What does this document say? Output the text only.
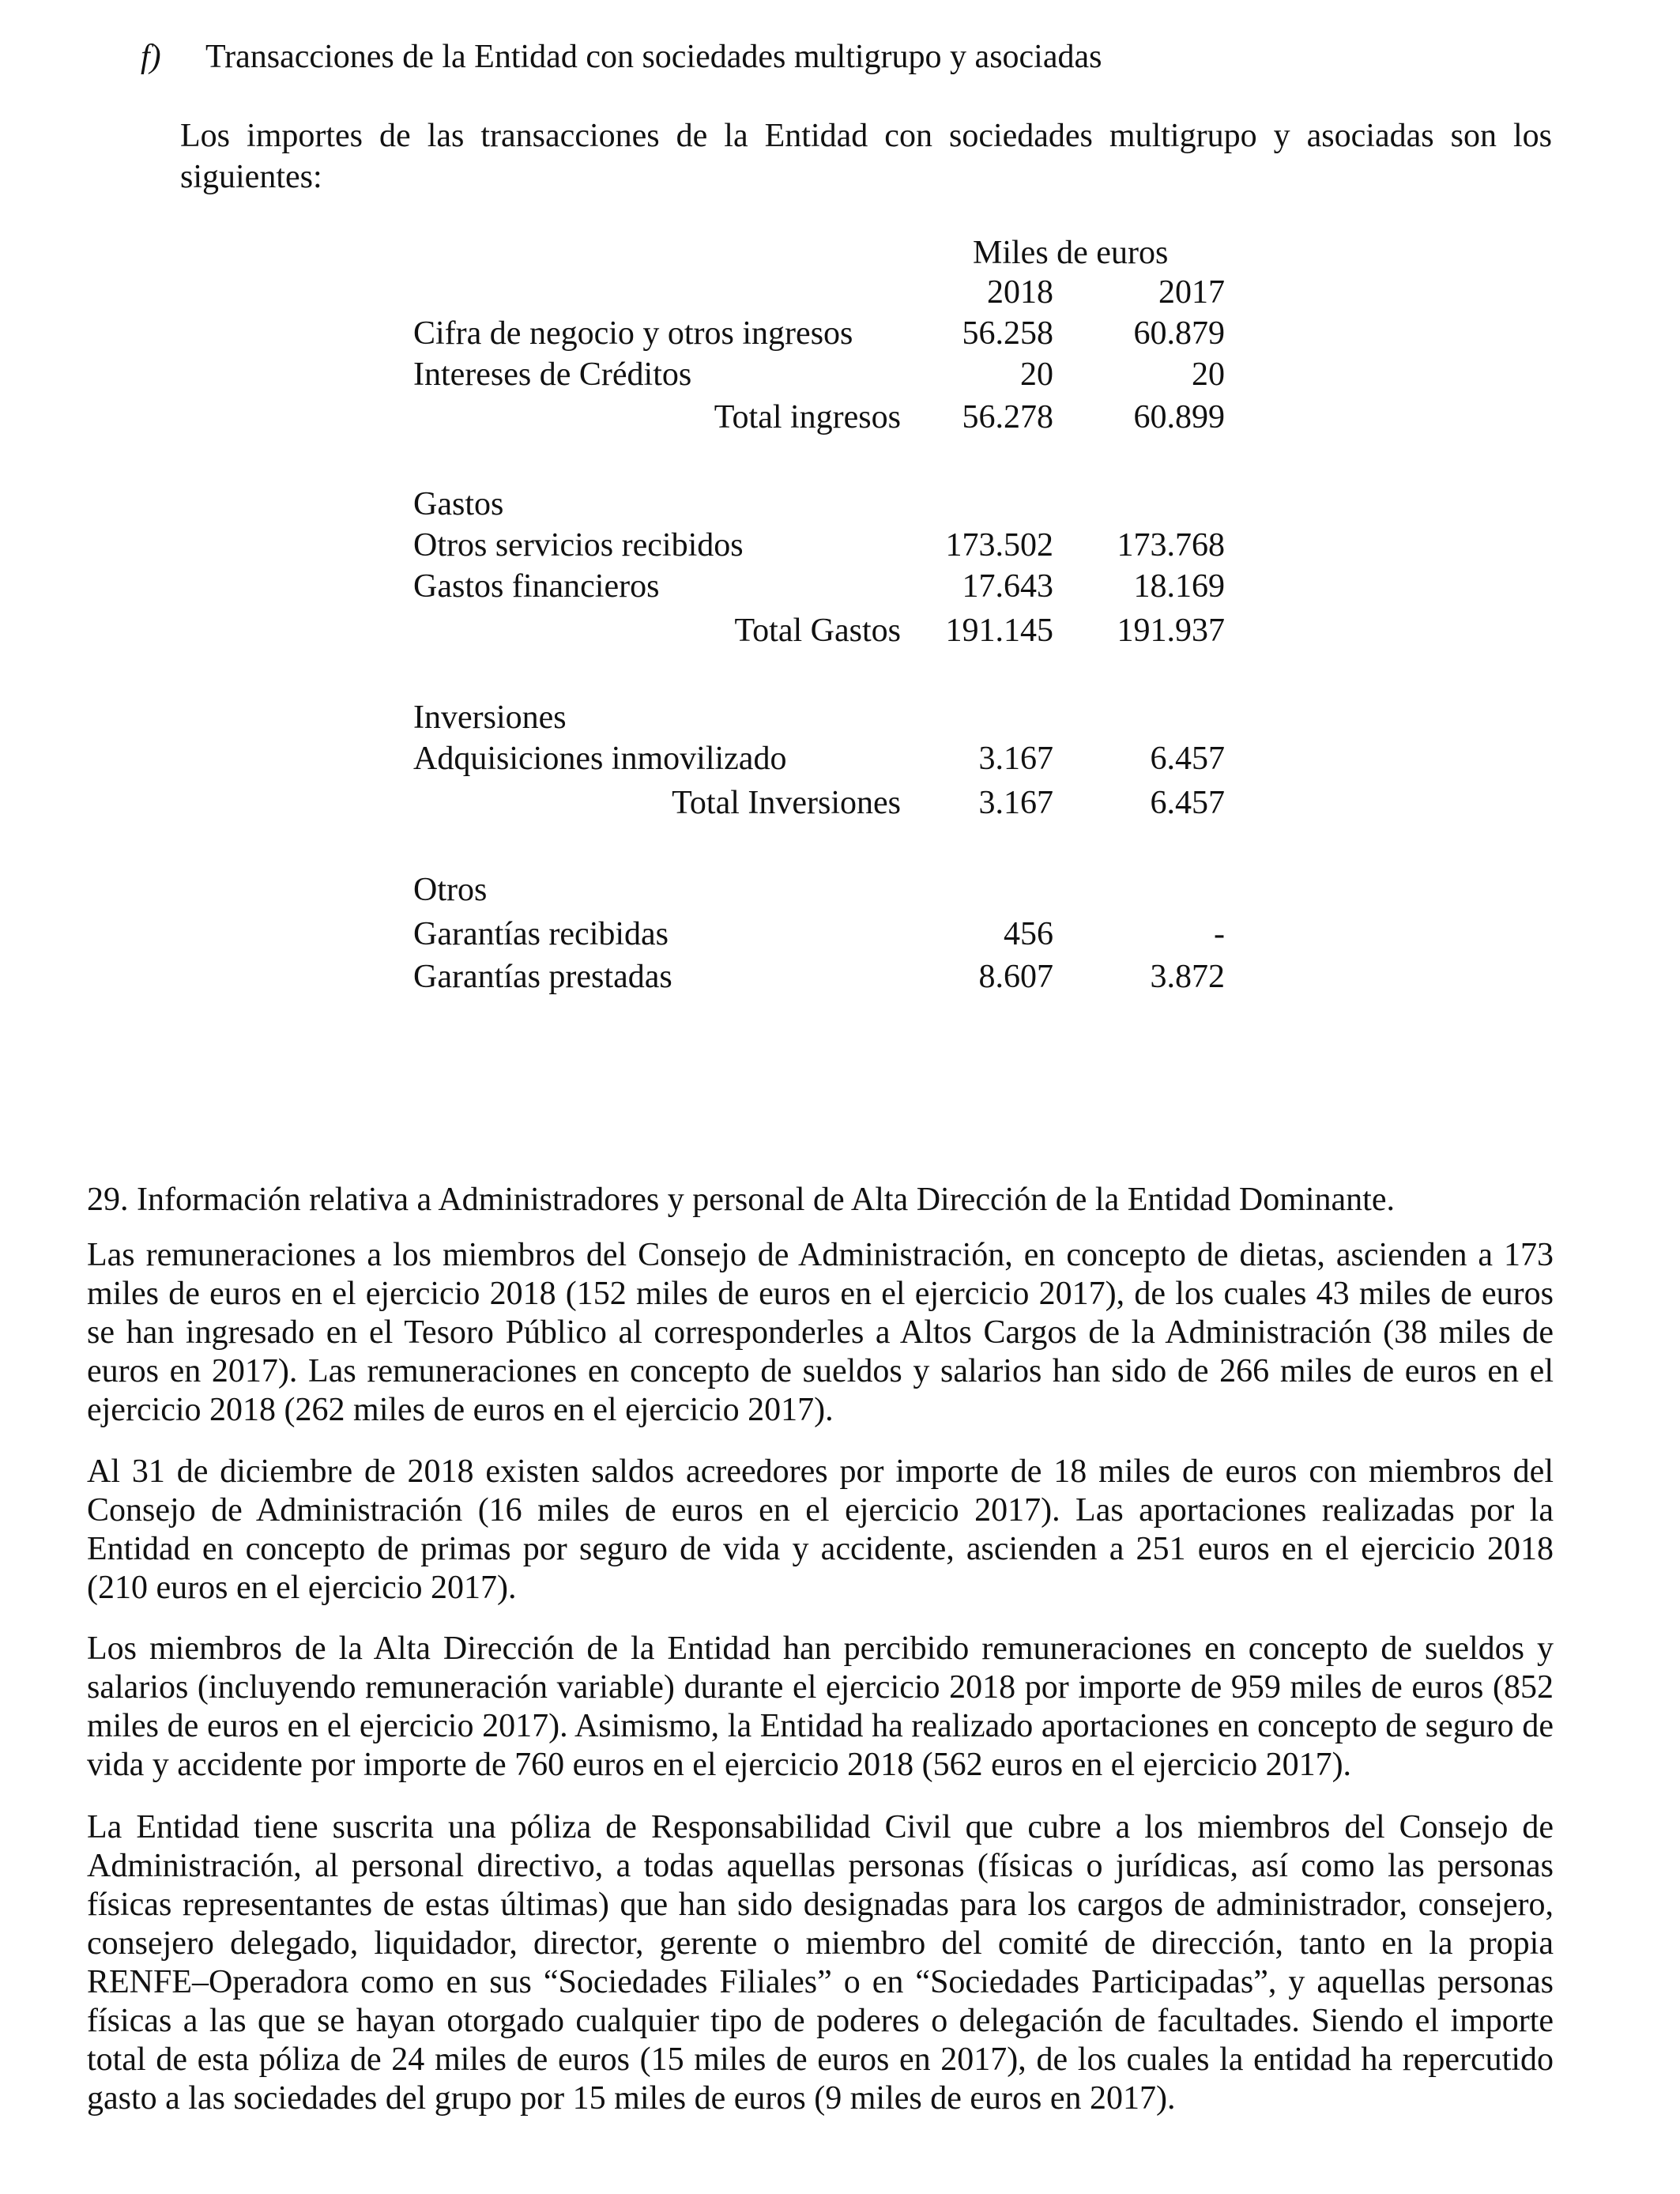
f) Transacciones de la Entidad con sociedades multigrupo y asociadas

Los importes de las transacciones de la Entidad con sociedades multigrupo y asociadas son los siguientes:

Miles de euros
2018	2017
Cifra de negocio y otros ingresos	56.258 60.879
Intereses de Créditos	20	20
Total ingresos 56.278 60.899
Gastos
Otros servicios recibidos	173.502 173.768
Gastos financieros	17.643 18.169
Total Gastos 191.145 191.937
Inversiones
Adquisiciones inmovilizado	3.167	6.457
Total Inversiones 3.167	6.457
Otros
Garantías recibidas	456	-
Garantías prestadas	8.607	3.872
29. Información relativa a Administradores y personal de Alta Dirección de la Entidad Dominante.

Las remuneraciones a los miembros del Consejo de Administración, en concepto de dietas, ascienden a 173 miles de euros en el ejercicio 2018 (152 miles de euros en el ejercicio 2017), de los cuales 43 miles de euros se han ingresado en el Tesoro Público al corresponderles a Altos Cargos de la Administración (38 miles de euros en 2017). Las remuneraciones en concepto de sueldos y salarios han sido de 266 miles de euros en el ejercicio 2018 (262 miles de euros en el ejercicio 2017).

Al 31 de diciembre de 2018 existen saldos acreedores por importe de 18 miles de euros con miembros del Consejo de Administración (16 miles de euros en el ejercicio 2017). Las aportaciones realizadas por la Entidad en concepto de primas por seguro de vida y accidente, ascienden a 251 euros en el ejercicio 2018 (210 euros en el ejercicio 2017).

Los miembros de la Alta Dirección de la Entidad han percibido remuneraciones en concepto de sueldos y salarios (incluyendo remuneración variable) durante el ejercicio 2018 por importe de 959 miles de euros (852 miles de euros en el ejercicio 2017). Asimismo, la Entidad ha realizado aportaciones en concepto de seguro de vida y accidente por importe de 760 euros en el ejercicio 2018 (562 euros en el ejercicio 2017).

La Entidad tiene suscrita una póliza de Responsabilidad Civil que cubre a los miembros del Consejo de Administración, al personal directivo, a todas aquellas personas (físicas o jurídicas, así como las personas físicas representantes de estas últimas) que han sido designadas para los cargos de administrador, consejero, consejero delegado, liquidador, director, gerente o miembro del comité de dirección, tanto en la propia RENFE–Operadora como en sus “Sociedades Filiales” o en “Sociedades Participadas”, y aquellas personas físicas a las que se hayan otorgado cualquier tipo de poderes o delegación de facultades. Siendo el importe total de esta póliza de 24 miles de euros (15 miles de euros en 2017), de los cuales la entidad ha repercutido gasto a las sociedades del grupo por 15 miles de euros (9 miles de euros en 2017).
